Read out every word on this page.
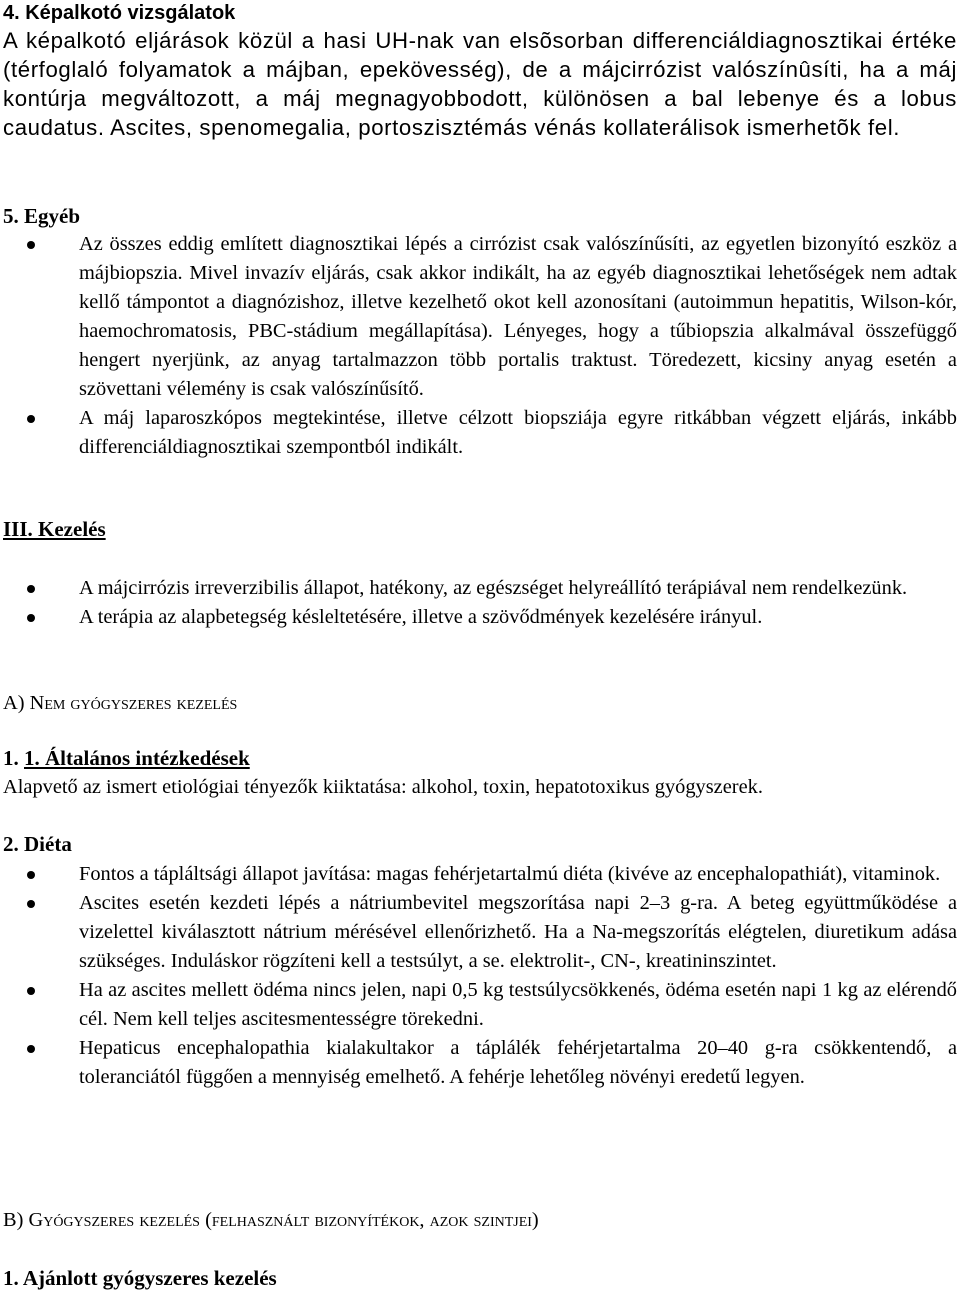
4. Képalkotó vizsgálatok
A képalkotó eljárások közül a hasi UH-nak van elsõsorban differenciáldiagnosztikai értéke (térfoglaló folyamatok a májban, epekövesség), de a májcirrózist valószínûsíti, ha a máj kontúrja megváltozott, a máj megnagyobbodott, különösen a bal lebenye és a lobus caudatus. Ascites, spenomegalia, portoszisztémás vénás kollaterálisok ismerhetõk fel.
5. Egyéb
Az összes eddig említett diagnosztikai lépés a cirrózist csak valószínűsíti, az egyetlen bizonyító eszköz a májbiopszia. Mivel invazív eljárás, csak akkor indikált, ha az egyéb diagnosztikai lehetőségek nem adtak kellő támpontot a diagnózishoz, illetve kezelhető okot kell azonosítani (autoimmun hepatitis, Wilson-kór, haemochromatosis, PBC-stádium megállapítása). Lényeges, hogy a tűbiopszia alkalmával összefüggő hengert nyerjünk, az anyag tartalmazzon több portalis traktust. Töredezett, kicsiny anyag esetén a szövettani vélemény is csak valószínűsítő.
A máj laparoszkópos megtekintése, illetve célzott biopsziája egyre ritkábban végzett eljárás, inkább differenciáldiagnosztikai szempontból indikált.
III. Kezelés
A májcirrózis irreverzibilis állapot, hatékony, az egészséget helyreállító terápiával nem rendelkezünk.
A terápia az alapbetegség késleltetésére, illetve a szövődmények kezelésére irányul.
A) Nem gyógyszeres kezelés
1. 1. Általános intézkedések
Alapvető az ismert etiológiai tényezők kiiktatása: alkohol, toxin, hepatotoxikus gyógyszerek.
2. Diéta
Fontos a tápláltsági állapot javítása: magas fehérjetartalmú diéta (kivéve az encephalopathiát), vitaminok.
Ascites esetén kezdeti lépés a nátriumbevitel megszorítása napi 2–3 g-ra. A beteg együttműködése a vizelettel kiválasztott nátrium mérésével ellenőrizhető. Ha a Na-megszorítás elégtelen, diuretikum adása szükséges. Induláskor rögzíteni kell a testsúlyt, a se. elektrolit-, CN-, kreatininszintet.
Ha az ascites mellett ödéma nincs jelen, napi 0,5 kg testsúlycsökkenés, ödéma esetén napi 1 kg az elérendő cél. Nem kell teljes ascitesmentességre törekedni.
Hepaticus encephalopathia kialakultakor a táplálék fehérjetartalma 20–40 g-ra csökkentendő, a toleranciától függően a mennyiség emelhető. A fehérje lehetőleg növényi eredetű legyen.
B) Gyógyszeres kezelés (felhasznált bizonyítékok, azok szintjei)
1. Ajánlott gyógyszeres kezelés
